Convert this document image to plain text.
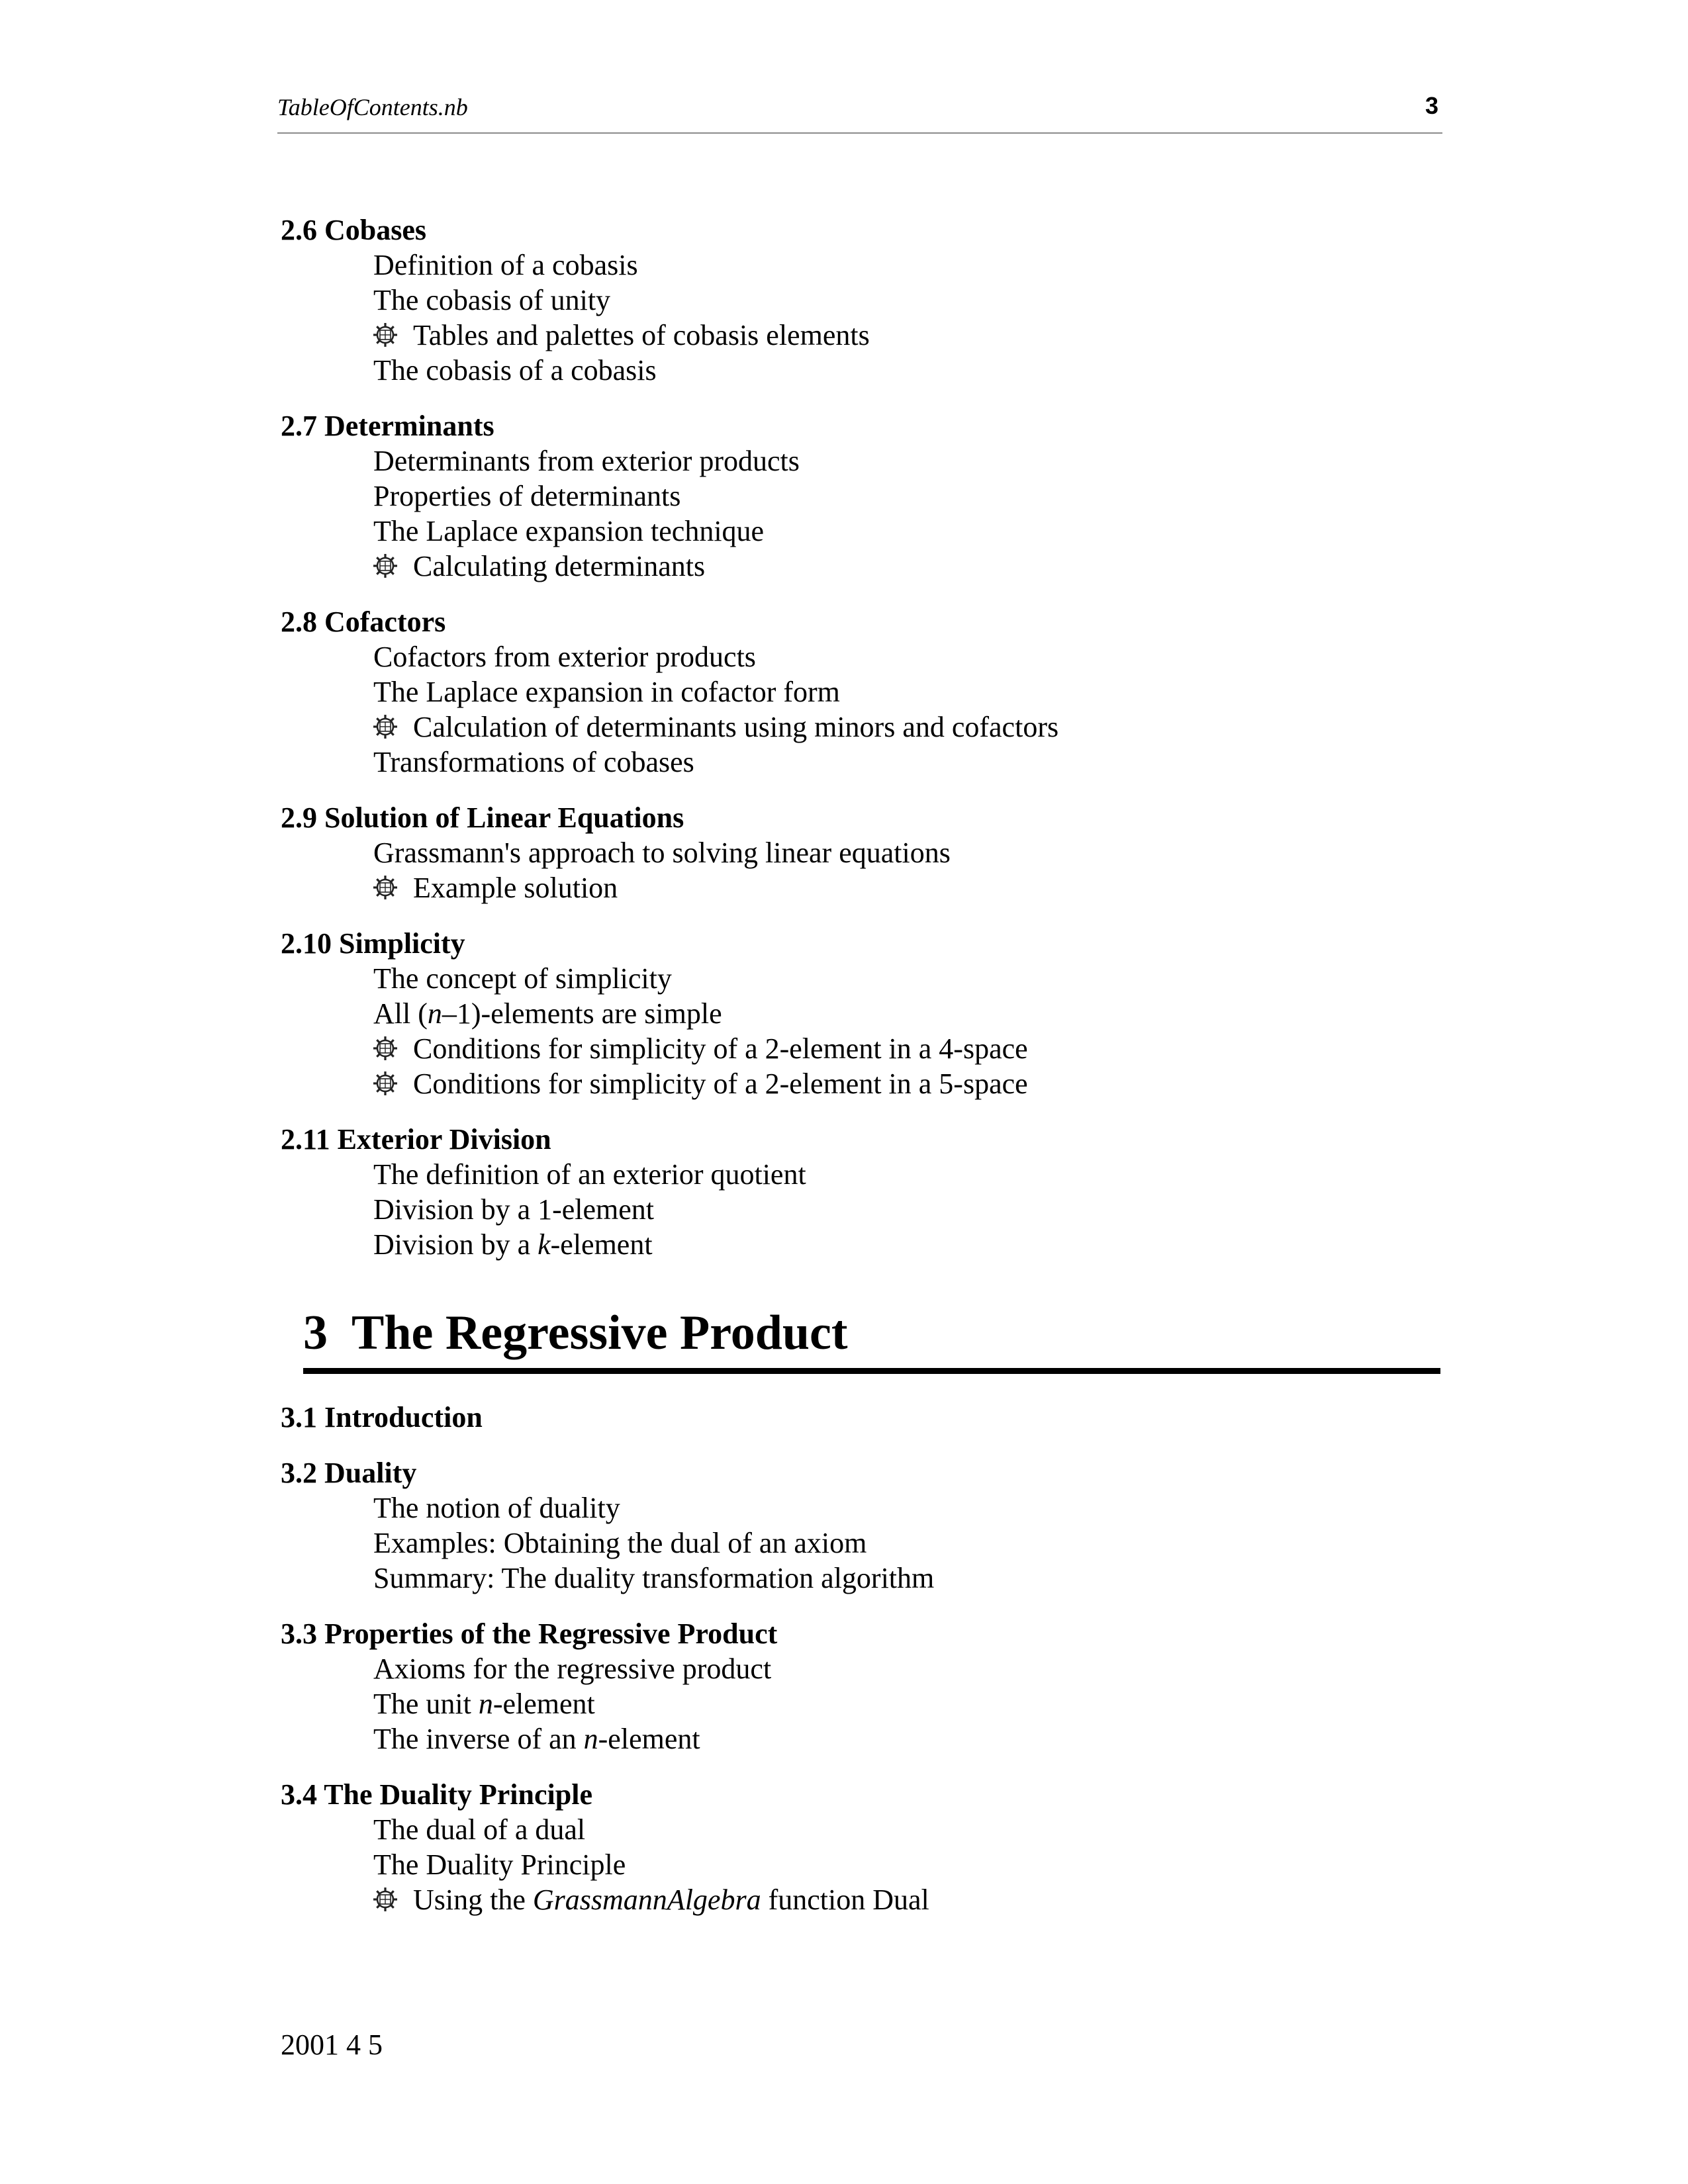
TableOfContents.nb	3
2.6 Cobases
Definition of a cobasis
The cobasis of unity
Tables and palettes of cobasis elements
The cobasis of a cobasis
2.7 Determinants
Determinants from exterior products
Properties of determinants
The Laplace expansion technique
Calculating determinants
2.8 Cofactors
Cofactors from exterior products
The Laplace expansion in cofactor form
Calculation of determinants using minors and cofactors
Transformations of cobases
2.9 Solution of Linear Equations
Grassmann's approach to solving linear equations
Example solution
2.10 Simplicity
The concept of simplicity
All (n–1)-elements are simple
Conditions for simplicity of a 2-element in a 4-space
Conditions for simplicity of a 2-element in a 5-space
2.11 Exterior Division
The definition of an exterior quotient
Division by a 1-element
Division by a k-element
3 The Regressive Product
3.1 Introduction
3.2 Duality
The notion of duality
Examples: Obtaining the dual of an axiom
Summary: The duality transformation algorithm
3.3 Properties of the Regressive Product
Axioms for the regressive product
The unit n-element
The inverse of an n-element
3.4 The Duality Principle
The dual of a dual
The Duality Principle
Using the GrassmannAlgebra function Dual
2001 4 5
